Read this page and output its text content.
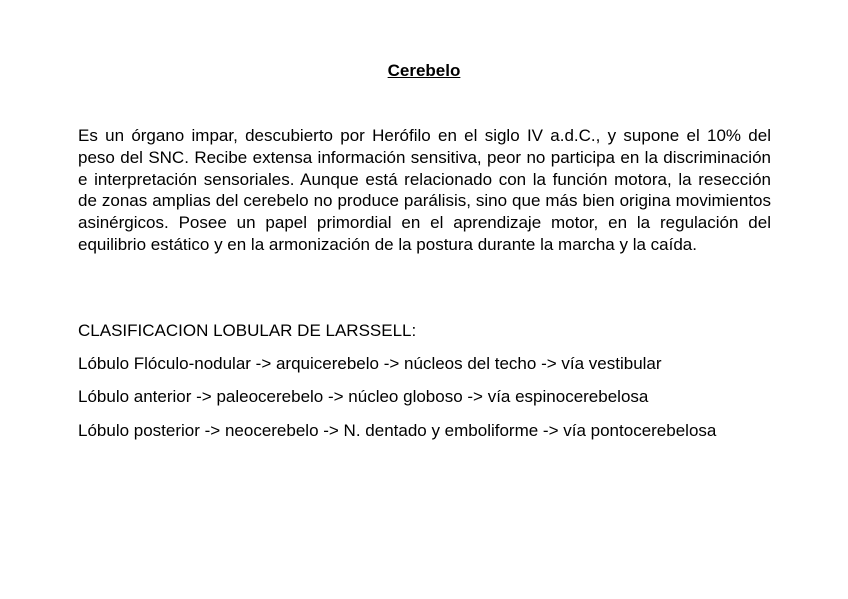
Cerebelo

Es un órgano impar, descubierto por Herófilo en el siglo IV a.d.C., y supone el 10% del peso del SNC. Recibe extensa información sensitiva, peor no participa en la discriminación e interpretación sensoriales. Aunque está relacionado con la función motora, la resección de zonas amplias del cerebelo no produce parálisis, sino que más bien origina movimientos asinérgicos. Posee un papel primordial en el aprendizaje motor, en la regulación del equilibrio estático y en la armonización de la postura durante la marcha y la caída.

CLASIFICACION LOBULAR DE LARSSELL:

Lóbulo Flóculo-nodular -> arquicerebelo -> núcleos del techo -> vía vestibular

Lóbulo anterior -> paleocerebelo -> núcleo globoso -> vía espinocerebelosa

Lóbulo posterior -> neocerebelo -> N. dentado y emboliforme -> vía pontocerebelosa
